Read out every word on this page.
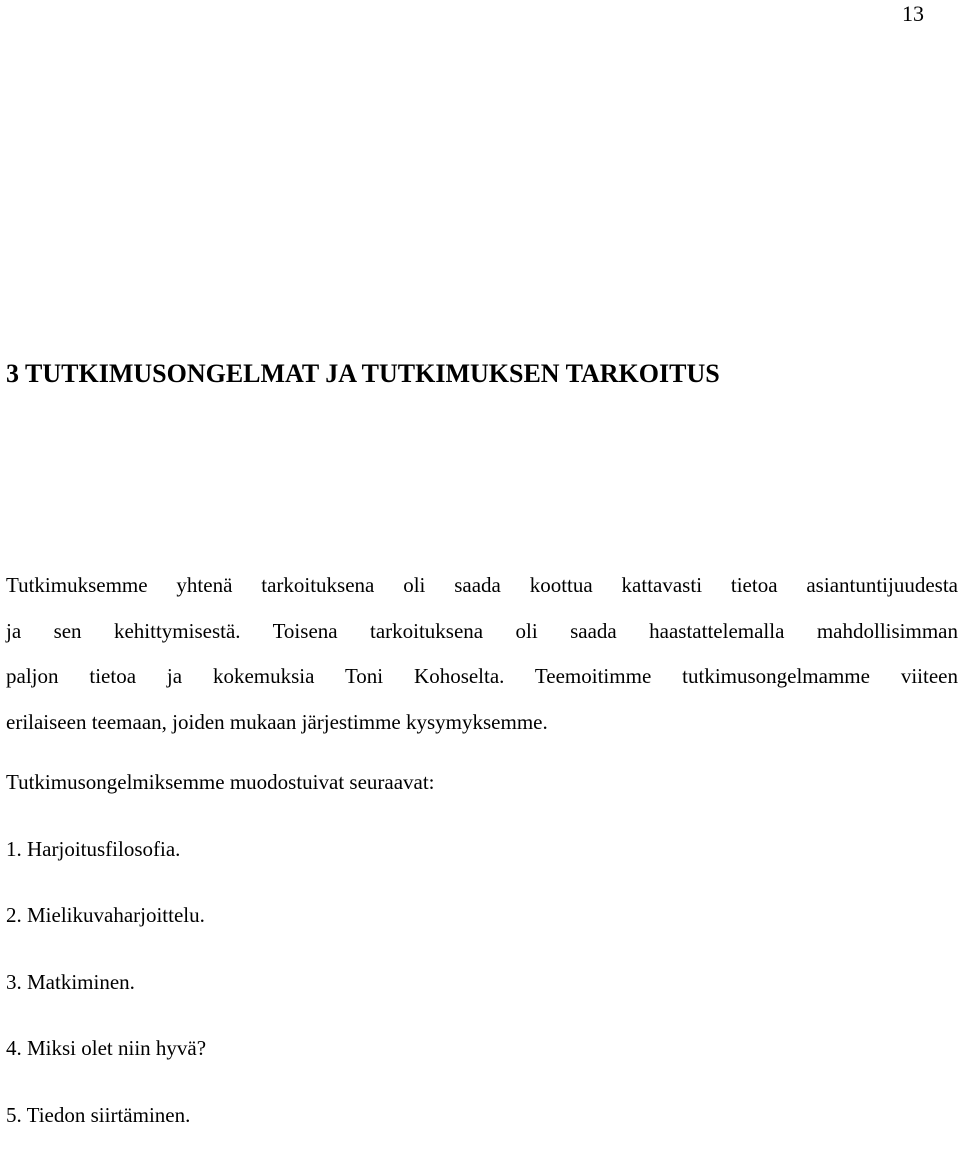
13
3 TUTKIMUSONGELMAT JA TUTKIMUKSEN TARKOITUS

Tutkimuksemme yhtenä tarkoituksena oli saada koottua kattavasti tietoa asiantuntijuudesta
ja sen kehittymisestä. Toisena tarkoituksena oli saada haastattelemalla mahdollisimman
paljon tietoa ja kokemuksia Toni Kohoselta. Teemoitimme tutkimusongelmamme viiteen
erilaiseen teemaan, joiden mukaan järjestimme kysymyksemme.

Tutkimusongelmiksemme muodostuivat seuraavat:

1. Harjoitusfilosofia.
2. Mielikuvaharjoittelu.
3. Matkiminen.
4. Miksi olet niin hyvä?
5. Tiedon siirtäminen.
